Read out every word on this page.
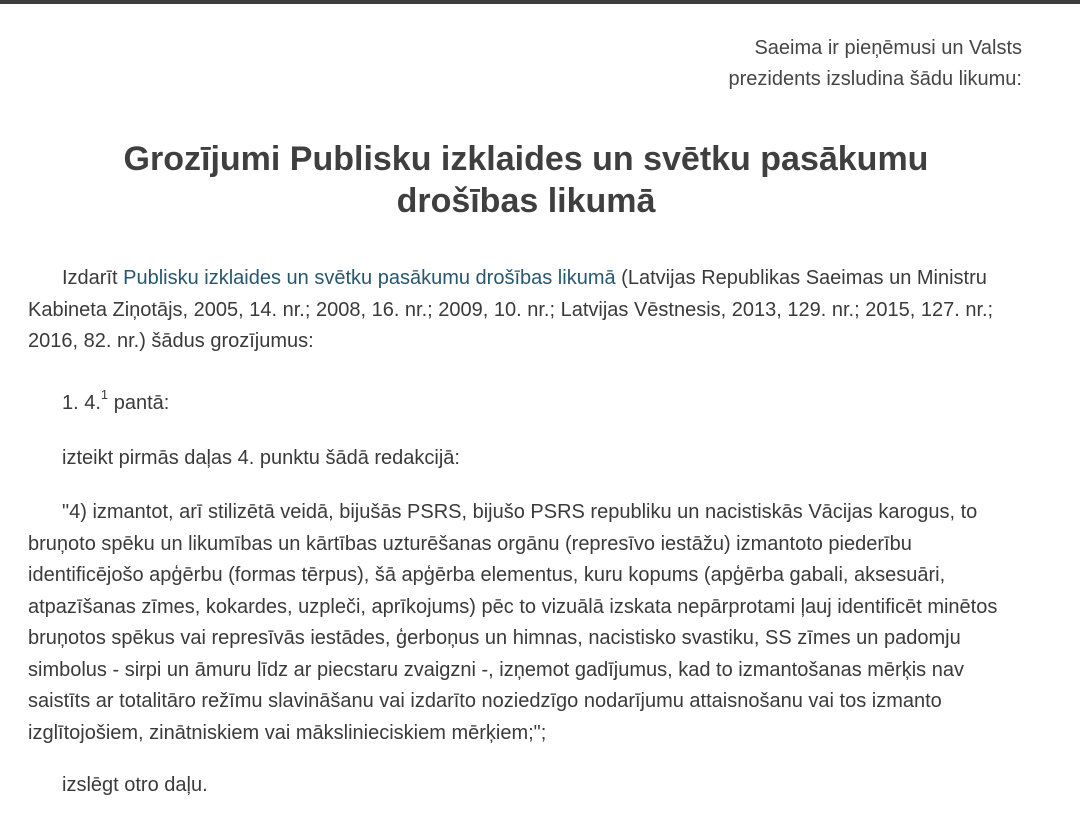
Saeima ir pieņēmusi un Valsts
prezidents izsludina šādu likumu:
Grozījumi Publisku izklaides un svētku pasākumu
drošības likumā

Izdarīt Publisku izklaides un svētku pasākumu drošības likumā (Latvijas Republikas Saeimas un Ministru Kabineta Ziņotājs, 2005, 14. nr.; 2008, 16. nr.; 2009, 10. nr.; Latvijas Vēstnesis, 2013, 129. nr.; 2015, 127. nr.; 2016, 82. nr.) šādus grozījumus:

1. 4.$^1$ pantā:

izteikt pirmās daļas 4. punktu šādā redakcijā:

"4) izmantot, arī stilizētā veidā, bijušās PSRS, bijušo PSRS republiku un nacistiskās Vācijas karogus, to bruņoto spēku un likumības un kārtības uzturēšanas orgānu (represīvo iestāžu) izmantoto piederību identificējošo apģērbu (formas tērpus), šā apģērba elementus, kuru kopums (apģērba gabali, aksesuāri, atpazīšanas zīmes, kokardes, uzpleči, aprīkojums) pēc to vizuālā izskata nepārprotami ļauj identificēt minētos bruņotos spēkus vai represīvās iestādes, ģerboņus un himnas, nacistisko svastiku, SS zīmes un padomju simbolus - sirpi un āmuru līdz ar piecstaru zvaigzni -, izņemot gadījumus, kad to izmantošanas mērķis nav saistīts ar totalitāro režīmu slavināšanu vai izdarīto noziedzīgo nodarījumu attaisnošanu vai tos izmanto izglītojošiem, zinātniskiem vai mākslinieciskiem mērķiem;";

izslēgt otro daļu.
